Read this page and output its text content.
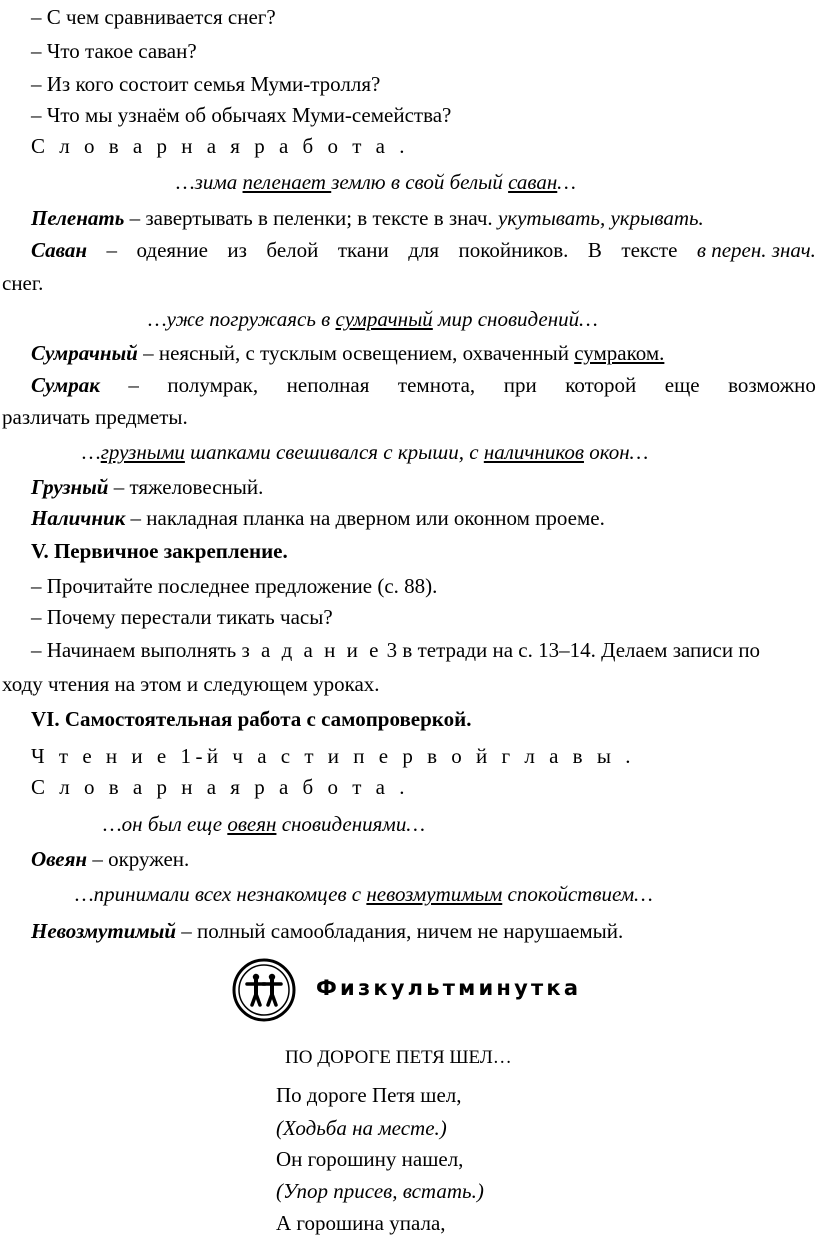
– С чем сравнивается снег?
– Что такое саван?
– Из кого состоит семья Муми-тролля?
– Что мы узнаём об обычаях Муми-семейства?
С л о в а р н а я р а б о т а .
…зима пеленает землю в свой белый саван…
Пеленать – завертывать в пеленки; в тексте в знач. укутывать, укрывать.
Саван – одеяние из белой ткани для покойников. В тексте в перен. знач.
снег.
…уже погружаясь в сумрачный мир сновидений…
Сумрачный – неясный, с тусклым освещением, охваченный сумраком.
Сумрак – полумрак, неполная темнота, при которой еще возможно
различать предметы.
…грузными шапками свешивался с крыши, с наличников окон…
Грузный – тяжеловесный.
Наличник – накладная планка на дверном или оконном проеме.
V. Первичное закрепление.
– Прочитайте последнее предложение (с. 88).
– Почему перестали тикать часы?
– Начинаем выполнять з а д а н и е 3 в тетради на с. 13–14. Делаем записи по
ходу чтения на этом и следующем уроках.
VI. Самостоятельная работа с самопроверкой.
Ч т е н и е 1-й ч а с т и п е р в о й г л а в ы .
С л о в а р н а я р а б о т а .
…он был еще овеян сновидениями…
Овеян – окружен.
…принимали всех незнакомцев с невозмутимым спокойствием…
Невозмутимый – полный самообладания, ничем не нарушаемый.
Физкультминутка
ПО ДОРОГЕ ПЕТЯ ШЕЛ…
По дороге Петя шел,
(Ходьба на месте.)
Он горошину нашел,
(Упор присев, встать.)
А горошина упала,
